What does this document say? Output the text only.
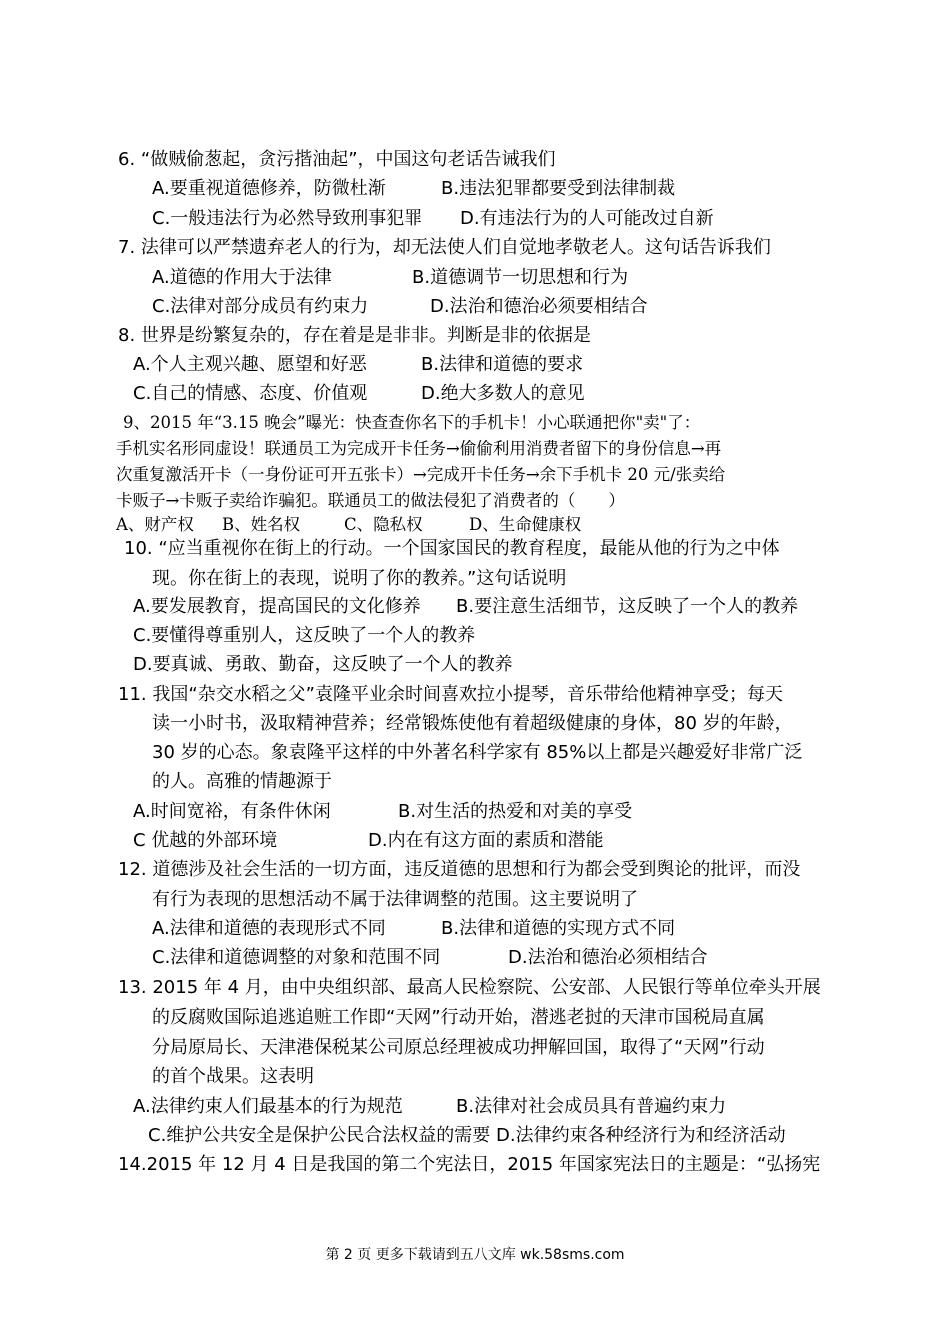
6. “做贼偷葱起，贪污揩油起”，中国这句老话告诫我们
A.要重视道德修养，防微杜渐	B.违法犯罪都要受到法律制裁
C.一般违法行为必然导致刑事犯罪 D.有违法行为的人可能改过自新
7. 法律可以严禁遗弃老人的行为，却无法使人们自觉地孝敬老人。这句话告诉我们
A.道德的作用大于法律	B.道德调节一切思想和行为
C.法律对部分成员有约束力	D.法治和德治必须要相结合
8. 世界是纷繁复杂的，存在着是是非非。判断是非的依据是
A.个人主观兴趣、愿望和好恶	B.法律和道德的要求
C.自己的情感、态度、价值观	D.绝大多数人的意见
9、2015 年“3.15 晚会”曝光：快查查你名下的手机卡！小心联通把你"卖"了：
手机实名形同虚设！联通员工为完成开卡任务→偷偷利用消费者留下的身份信息→再
次重复激活开卡（一身份证可开五张卡）→完成开卡任务→余下手机卡 20 元/张卖给
卡贩子→卡贩子卖给诈骗犯。联通员工的做法侵犯了消费者的（　　）
A、财产权 B、姓名权	C、隐私权	D、生命健康权
10. “应当重视你在街上的行动。一个国家国民的教育程度，最能从他的行为之中体
现。你在街上的表现，说明了你的教养。”这句话说明
A.要发展教育，提高国民的文化修养 B.要注意生活细节，这反映了一个人的教养
C.要懂得尊重别人，这反映了一个人的教养
D.要真诚、勇敢、勤奋，这反映了一个人的教养
11. 我国“杂交水稻之父”袁隆平业余时间喜欢拉小提琴，音乐带给他精神享受；每天
读一小时书，汲取精神营养；经常锻炼使他有着超级健康的身体，80 岁的年龄，
30 岁的心态。象袁隆平这样的中外著名科学家有 85%以上都是兴趣爱好非常广泛
的人。高雅的情趣源于
A.时间宽裕，有条件休闲	B.对生活的热爱和对美的享受
C 优越的外部环境	D.内在有这方面的素质和潜能
12. 道德涉及社会生活的一切方面，违反道德的思想和行为都会受到舆论的批评，而没
有行为表现的思想活动不属于法律调整的范围。这主要说明了
A.法律和道德的表现形式不同	B.法律和道德的实现方式不同
C.法律和道德调整的对象和范围不同	D.法治和德治必须相结合
13. 2015 年 4 月，由中央组织部、最高人民检察院、公安部、人民银行等单位牵头开展
的反腐败国际追逃追赃工作即“天网”行动开始，潜逃老挝的天津市国税局直属
分局原局长、天津港保税某公司原总经理被成功押解回国，取得了“天网”行动
的首个战果。这表明
A.法律约束人们最基本的行为规范	B.法律对社会成员具有普遍约束力
C.维护公共安全是保护公民合法权益的需要 D.法律约束各种经济行为和经济活动
14.2015 年 12 月 4 日是我国的第二个宪法日，2015 年国家宪法日的主题是：“弘扬宪
第 2 页 更多下载请到五八文库 wk.58sms.com
